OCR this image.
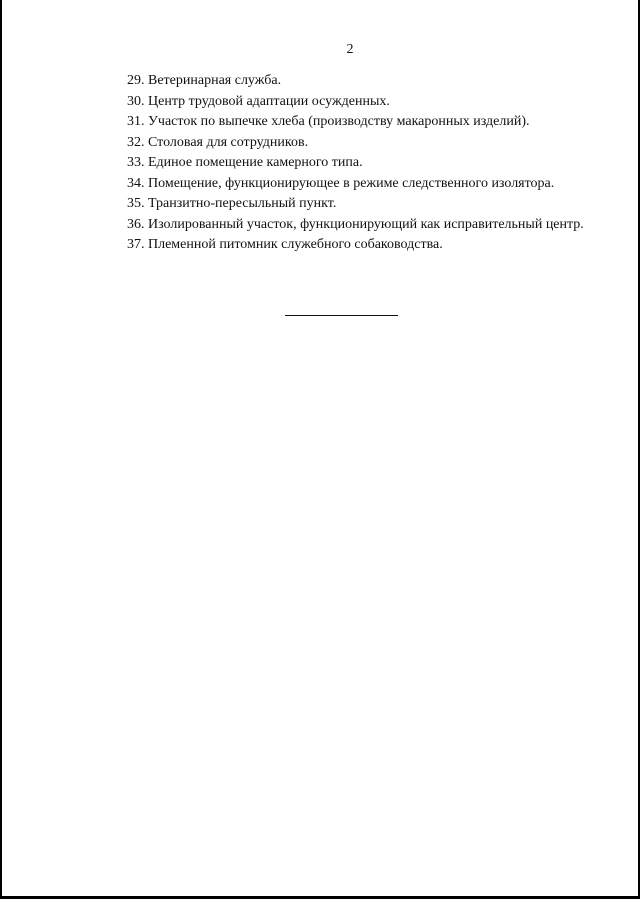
2
29. Ветеринарная служба.
30. Центр трудовой адаптации осужденных.
31. Участок по выпечке хлеба (производству макаронных изделий).
32. Столовая для сотрудников.
33. Единое помещение камерного типа.
34. Помещение, функционирующее в режиме следственного изолятора.
35. Транзитно-пересыльный пункт.
36. Изолированный участок, функционирующий как исправительный центр.
37. Племенной питомник служебного собаководства.
